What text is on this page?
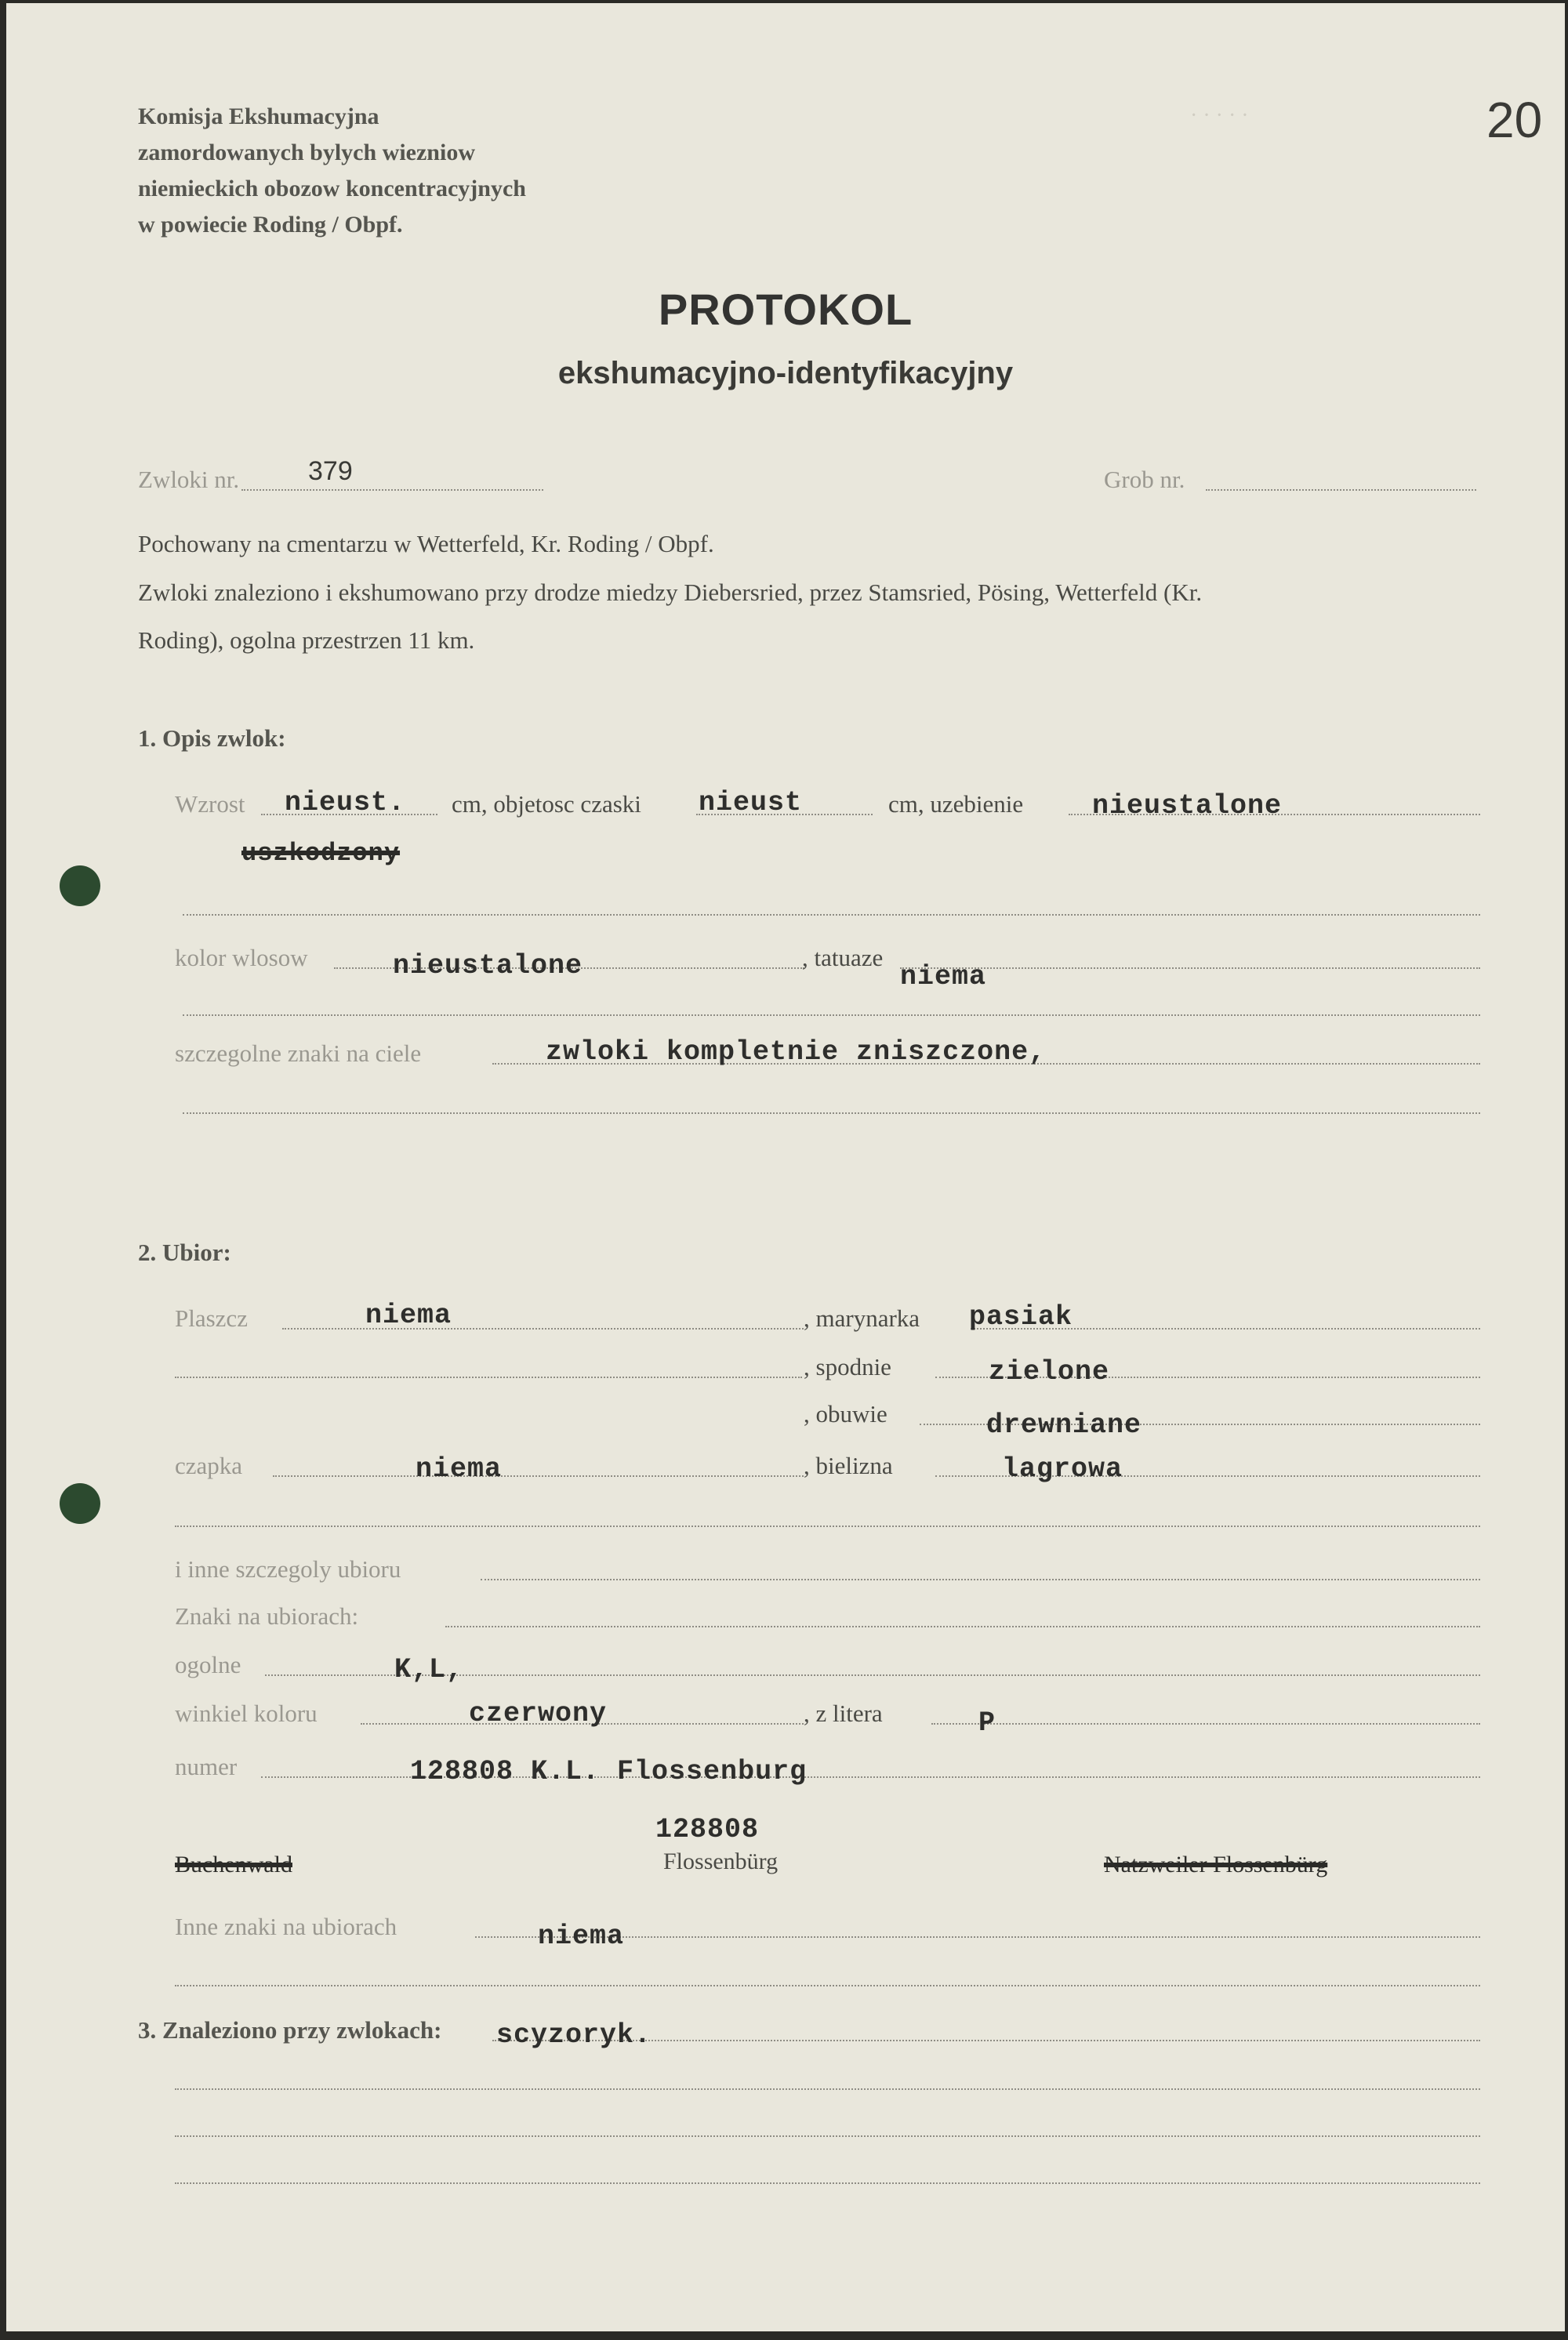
Komisja Ekshumacyjna
zamordowanych bylych wiezniow
niemieckich obozow koncentracyjnych
w powiecie Roding / Obpf.
20
· · · · ·
PROTOKOL
ekshumacyjno-identyfikacyjny
Zwloki nr.	379	Grob nr.
Pochowany na cmentarzu w Wetterfeld, Kr. Roding / Obpf.
Zwloki znaleziono i ekshumowano przy drodze miedzy Diebersried, przez Stamsried, Pösing, Wetterfeld (Kr.
Roding), ogolna przestrzen 11 km.
1. Opis zwlok:
Wzrost nieust. cm, objetosc czaski nieust	cm, uzebienie	nieustalone
uszkodzony
kolor wlosow	nieustalone	, tatuaze
niema
szczegolne znaki na ciele	zwloki kompletnie zniszczone,
2. Ubior:
Plaszcz	niema	, marynarka pasiak
, spodnie	zielone
, obuwie	drewniane
czapka	niema	, bielizna	lagrowa
i inne szczegoly ubioru
Znaki na ubiorach:
ogolne	K,L,
winkiel koloru	czerwony	, z litera	P
numer	128808 K.L. Flossenburg
Buchenwald
128808
Flossenbürg	Natzweiler Flossenbürg
Inne znaki na ubiorach	niema
3. Znaleziono przy zwlokach: scyzoryk.
